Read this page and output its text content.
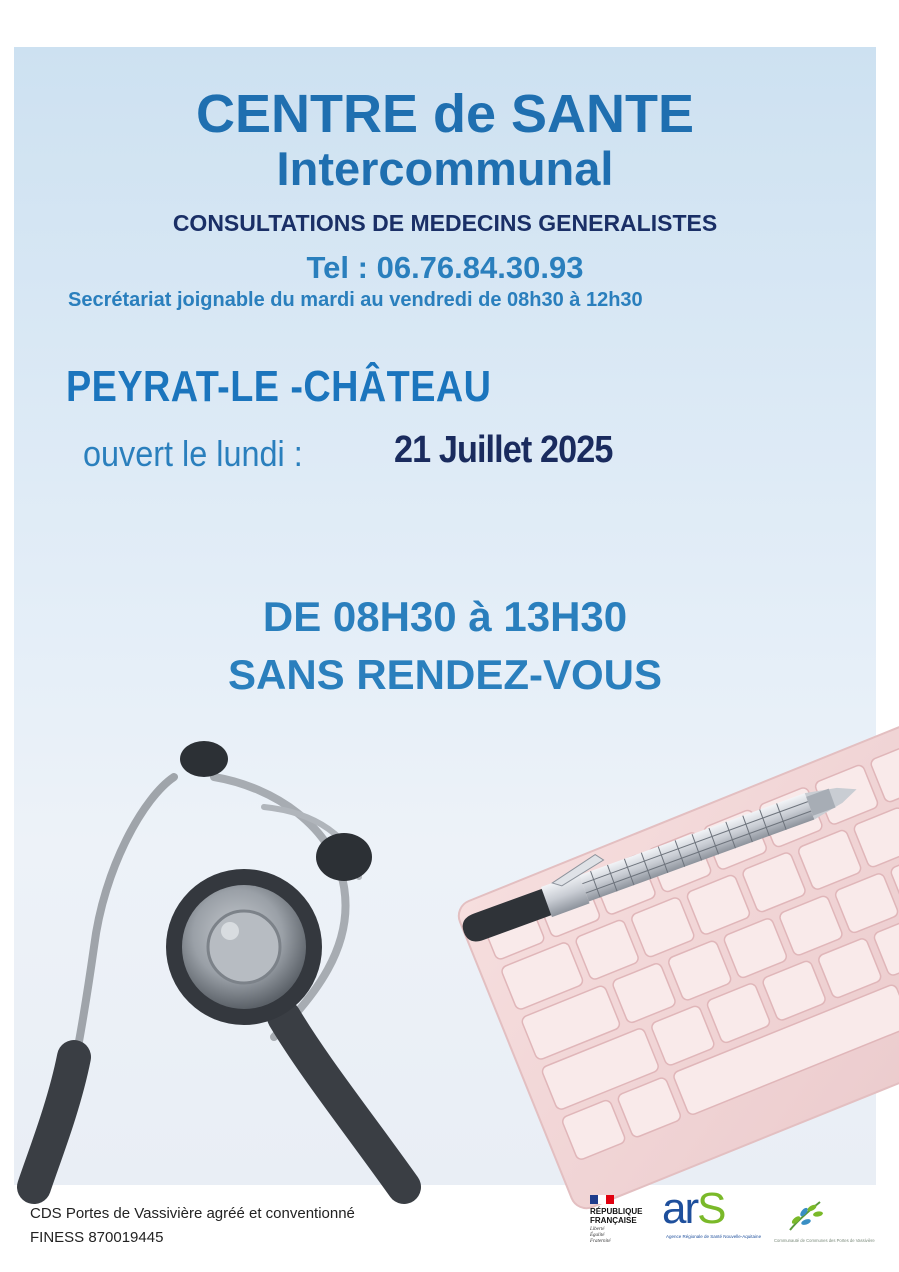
CENTRE de SANTE
Intercommunal
CONSULTATIONS DE MEDECINS GENERALISTES
Tel : 06.76.84.30.93
Secrétariat joignable du mardi au vendredi de 08h30 à 12h30
PEYRAT-LE -CHÂTEAU
ouvert le lundi : 21 Juillet 2025
DE 08H30 à 13H30
SANS RENDEZ-VOUS
CDS Portes de Vassivière agréé et conventionné
FINESS 870019445
RÉPUBLIQUE
FRANÇAISE
Liberté
Égalité
Fraternité
arS
Agence Régionale de Santé Nouvelle-Aquitaine
Communauté de Communes des Portes de Vassivière
